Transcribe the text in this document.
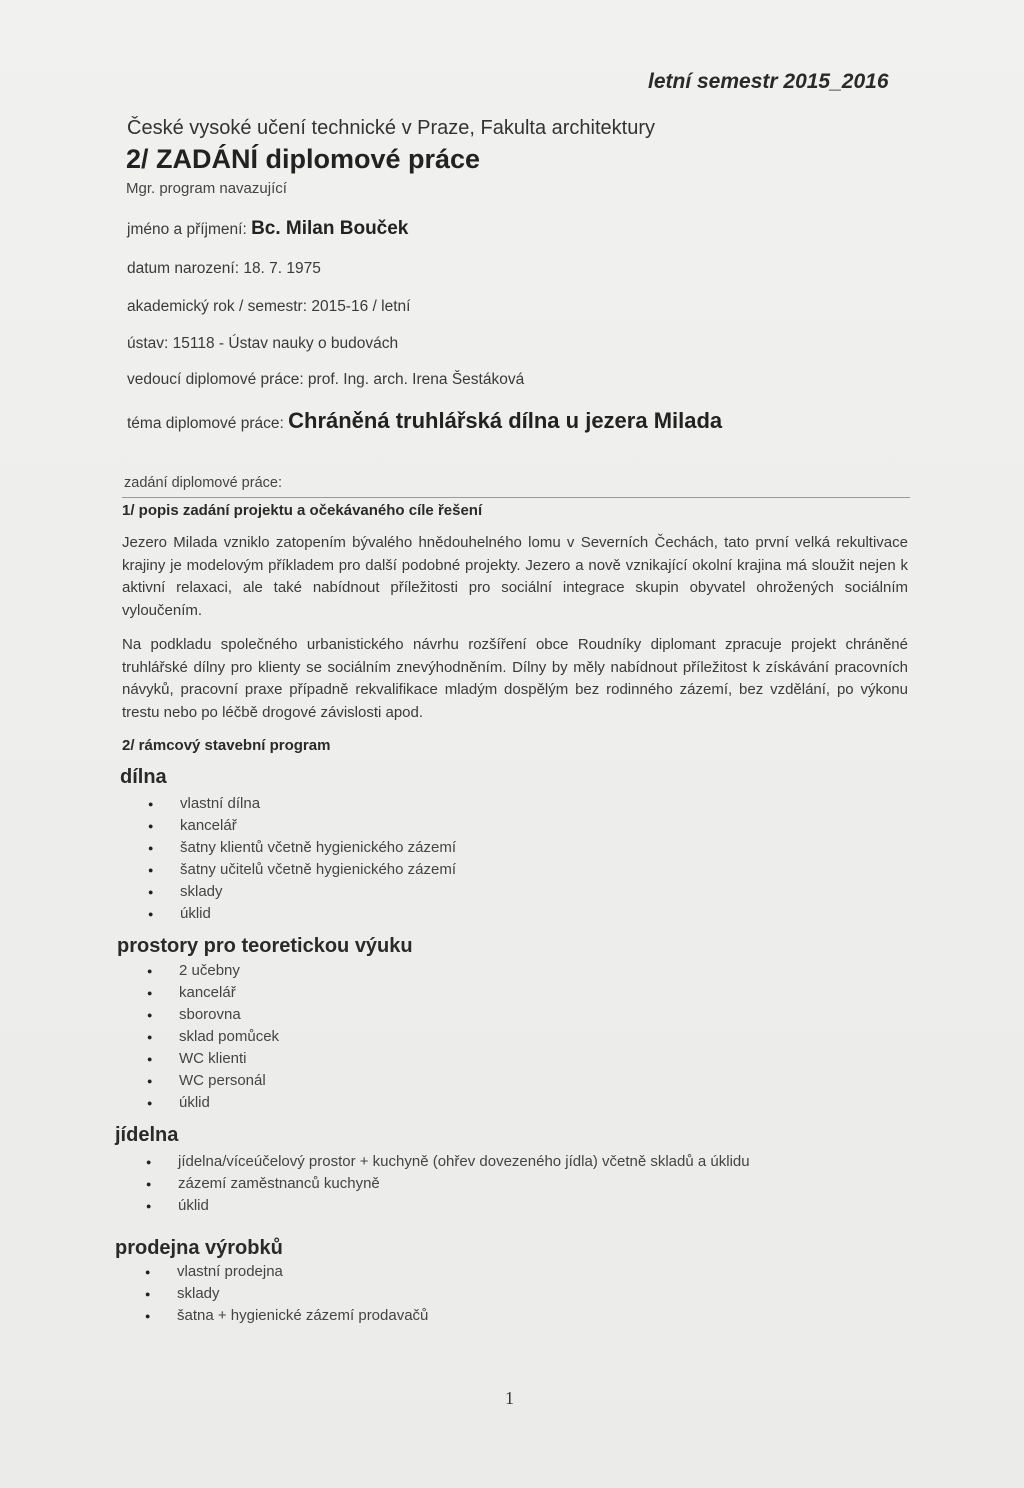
letní semestr 2015_2016
České vysoké učení technické v Praze, Fakulta architektury
2/ ZADÁNÍ diplomové práce
Mgr. program navazující
jméno a příjmení: Bc. Milan Bouček
datum narození: 18. 7. 1975
akademický rok / semestr: 2015-16 / letní
ústav: 15118 - Ústav nauky o budovách
vedoucí diplomové práce: prof. Ing. arch. Irena Šestáková
téma diplomové práce: Chráněná truhlářská dílna u jezera Milada
zadání diplomové práce:
1/ popis zadání projektu a očekávaného cíle řešení
Jezero Milada vzniklo zatopením bývalého hnědouhelného lomu v Severních Čechách, tato první velká rekultivace krajiny je modelovým příkladem pro další podobné projekty. Jezero a nově vznikající okolní krajina má sloužit nejen k aktivní relaxaci, ale také nabídnout příležitosti pro sociální integrace skupin obyvatel ohrožených sociálním vyloučením.
Na podkladu společného urbanistického návrhu rozšíření obce Roudníky diplomant zpracuje projekt chráněné truhlářské dílny pro klienty se sociálním znevýhodněním. Dílny by měly nabídnout příležitost k získávání pracovních návyků, pracovní praxe případně rekvalifikace mladým dospělým bez rodinného zázemí, bez vzdělání, po výkonu trestu nebo po léčbě drogové závislosti apod.
2/ rámcový stavební program
dílna
● vlastní dílna
● kancelář
● šatny klientů včetně hygienického zázemí
● šatny učitelů včetně hygienického zázemí
● sklady
● úklid
prostory pro teoretickou výuku
● 2 učebny
● kancelář
● sborovna
● sklad pomůcek
● WC klienti
● WC personál
● úklid
jídelna
● jídelna/víceúčelový prostor + kuchyně (ohřev dovezeného jídla) včetně skladů a úklidu
● zázemí zaměstnanců kuchyně
● úklid
prodejna výrobků
● vlastní prodejna
● sklady
● šatna + hygienické zázemí prodavačů
1
